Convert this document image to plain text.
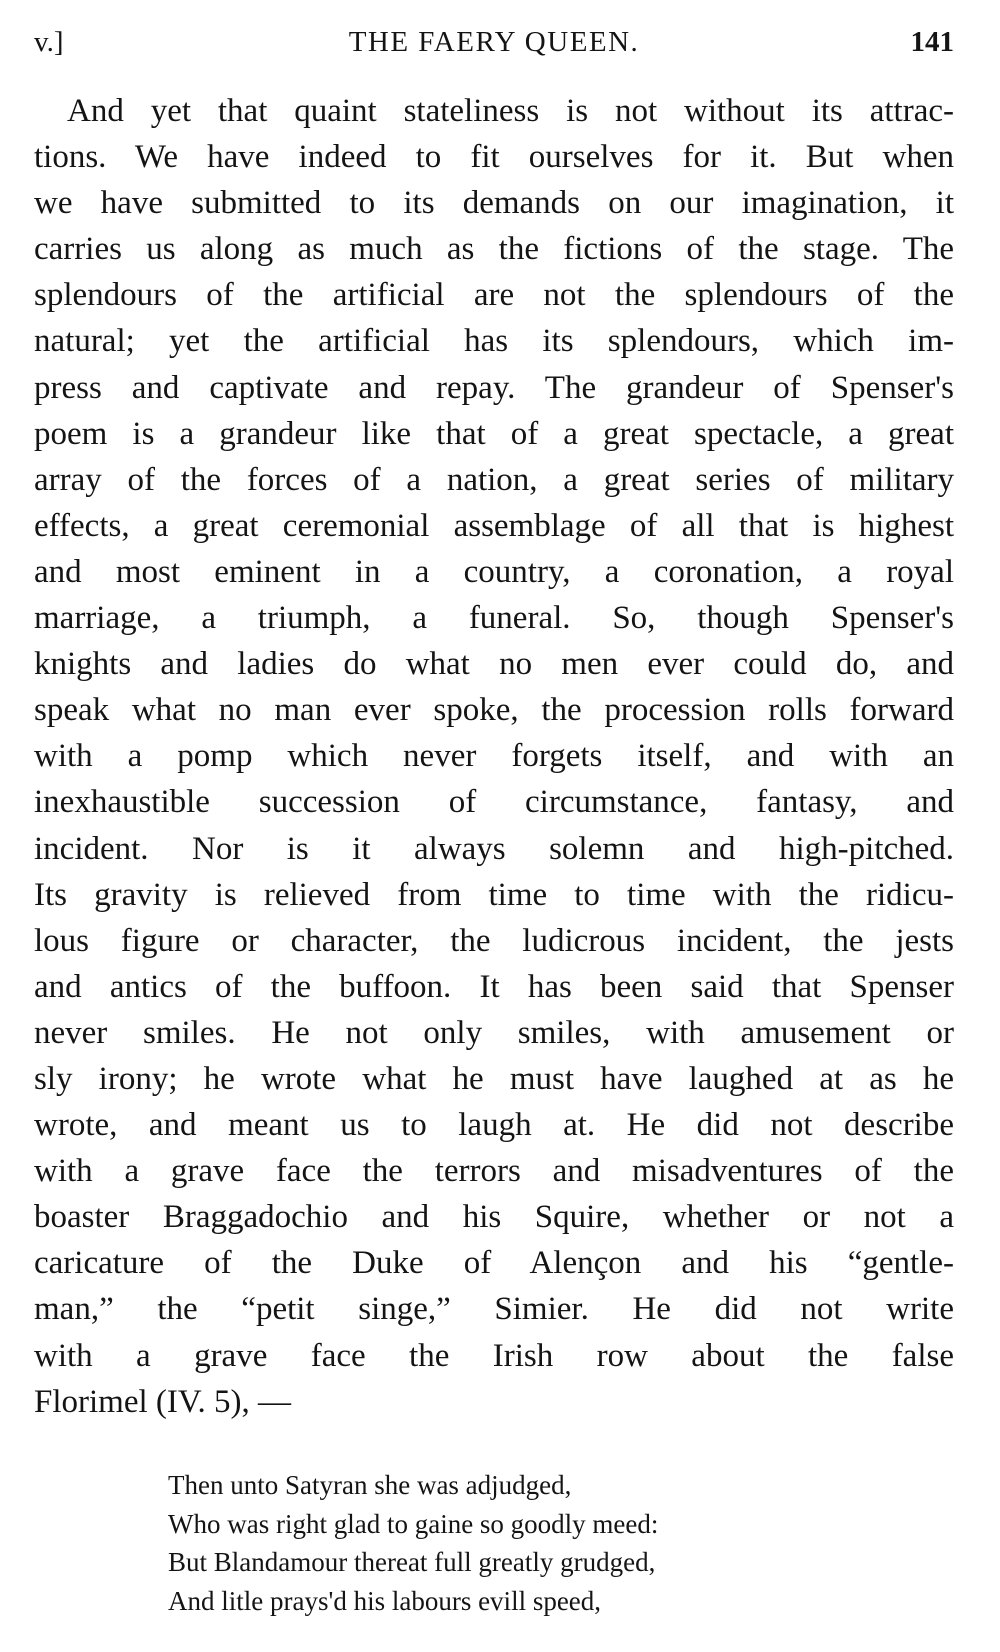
v.]	THE FAERY QUEEN.	141
And yet that quaint stateliness is not without its attrac-
tions. We have indeed to fit ourselves for it. But when
we have submitted to its demands on our imagination, it
carries us along as much as the fictions of the stage. The
splendours of the artificial are not the splendours of the
natural; yet the artificial has its splendours, which im-
press and captivate and repay. The grandeur of Spenser's
poem is a grandeur like that of a great spectacle, a great
array of the forces of a nation, a great series of military
effects, a great ceremonial assemblage of all that is highest
and most eminent in a country, a coronation, a royal
marriage, a triumph, a funeral. So, though Spenser's
knights and ladies do what no men ever could do, and
speak what no man ever spoke, the procession rolls forward
with a pomp which never forgets itself, and with an
inexhaustible succession of circumstance, fantasy, and
incident. Nor is it always solemn and high-pitched.
Its gravity is relieved from time to time with the ridicu-
lous figure or character, the ludicrous incident, the jests
and antics of the buffoon. It has been said that Spenser
never smiles. He not only smiles, with amusement or
sly irony; he wrote what he must have laughed at as he
wrote, and meant us to laugh at. He did not describe
with a grave face the terrors and misadventures of the
boaster Braggadochio and his Squire, whether or not a
caricature of the Duke of Alençon and his “gentle-
man,” the “petit singe,” Simier. He did not write
with a grave face the Irish row about the false
Florimel (IV. 5), —
Then unto Satyran she was adjudged,
Who was right glad to gaine so goodly meed:
But Blandamour thereat full greatly grudged,
And litle prays'd his labours evill speed,
